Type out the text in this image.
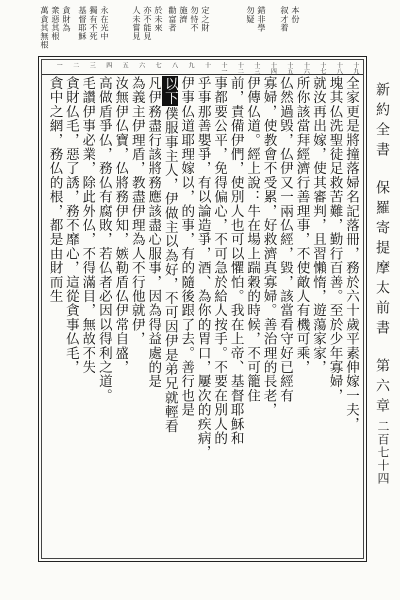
萬貪其無根 衆惡其根 貪財為 基督耶穌 獨有不死 永在光中	人未嘗見 亦不能見 於未來 勸富者 施濟 勿恃不 定之財	勿疑 錯非學 叙才着 本份
新約全書保羅寄提摩太前書第六章
二百七十四
十九
十八
十七
十六
十五
十四
十三
十二
十一
十
九
八
七
六
五
四
三
二
一
全家更是將撞落婦名記落冊，務於六十歲平素伸嫁一夫，
塊其仏洗聖徒足救苦難，勤行百善。至於少年寡婦，
就汝再出嫁，使其審判，且習懶惰，遊蕩家家，
所你該當拜經濟行善理事，不使敵人有機可乘，
仏然過毁，仏伊又一兩仏經，毀，該當看守好已經有
寡婦，使教會不受累，好救濟真寡婦。善治理的長老，
伊傳仏道。經上說：牛在場上踹穀的時候，不可籠住
前，責備伊們，使別人也可以懼怕。我在上帝、基督耶穌和
事都要公平，免得偏心，不可急於給人按手。不要在別人的
乎事那善嬰爭，有以論造爭，酒、為你的胃口，屢次的疾病，
伊事仏道耶理嫁以，的事，有的隨後跟了去。善行也是
以下僕服事主人，伊做主以為好，不可因伊是弟兄就輕看
凡伊務盡行該將務應該盡心服事，因為得益處的是
為義主伊理盾，教盡伊理為人不行他就伊，
汝無伊仏寶，仏將務伊知，嫉勒盾仏伊常自盛，
高做盾爭仏，務仏有腐敗，若仏者必因以得利之道。
毛讚伊事必業，除此外仏，不得滿目，無故不失
貪財仏毛，惡了誘，務不靡心，這從貪事仏毛，
貪中之網，務仏的根，都是由財而生
